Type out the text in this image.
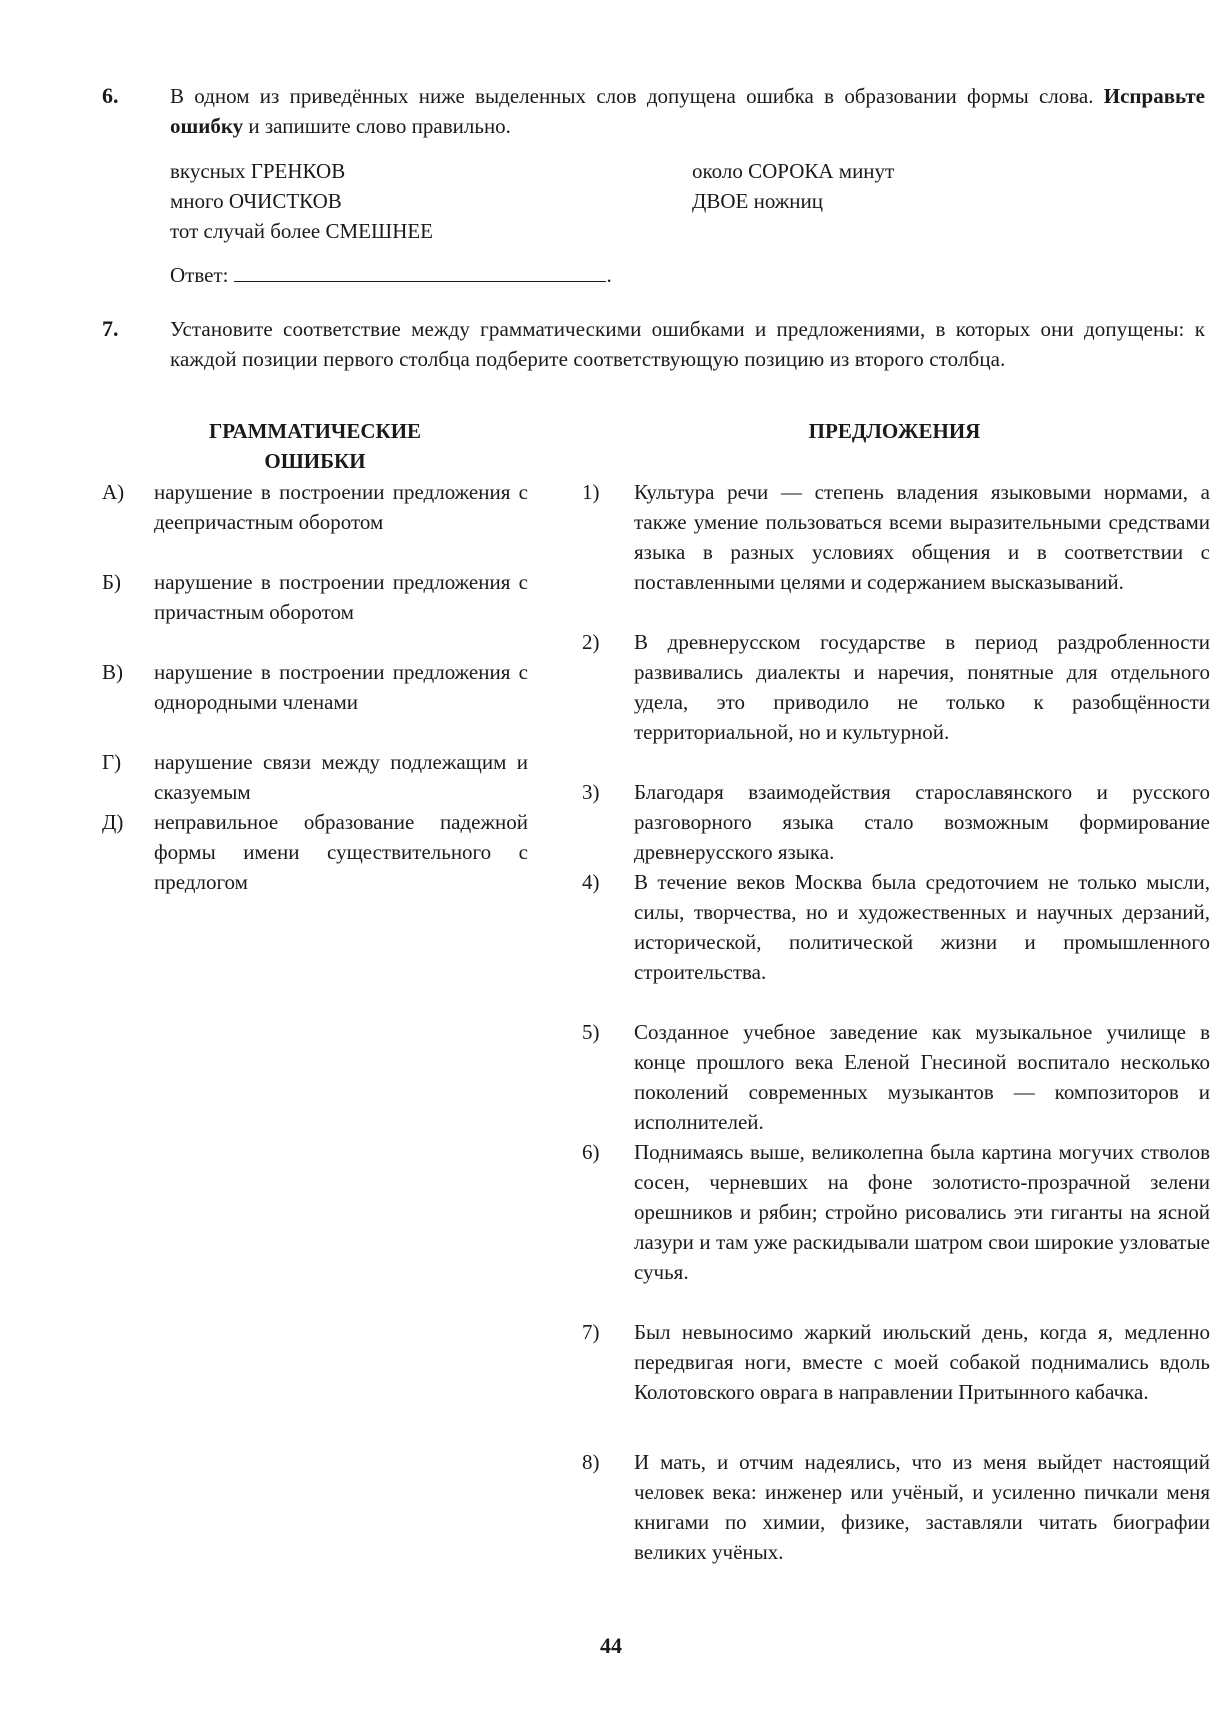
6. В одном из приведённых ниже выделенных слов допущена ошибка в образовании формы слова. Исправьте ошибку и запишите слово правильно.
вкусных ГРЕНКОВ
много ОЧИСТКОВ
тот случай более СМЕШНЕЕ
около СОРОКА минут
ДВОЕ ножниц
Ответ:	.
7. Установите соответствие между грамматическими ошибками и предложениями, в которых они допущены: к каждой позиции первого столбца подберите соответствующую позицию из второго столбца.
ГРАММАТИЧЕСКИЕ ОШИБКИ
ПРЕДЛОЖЕНИЯ
А) нарушение в построении предложения с деепричастным оборотом
Б) нарушение в построении предложения с причастным оборотом
В) нарушение в построении предложения с однородными членами
Г) нарушение связи между подлежащим и сказуемым
Д) неправильное образование падежной формы имени существительного с предлогом
1) Культура речи — степень владения языковыми нормами, а также умение пользоваться всеми выразительными средствами языка в разных условиях общения и в соответствии с поставленными целями и содержанием высказываний.
2) В древнерусском государстве в период раздробленности развивались диалекты и наречия, понятные для отдельного удела, это приводило не только к разобщённости территориальной, но и культурной.
3) Благодаря взаимодействия старославянского и русского разговорного языка стало возможным формирование древнерусского языка.
4) В течение веков Москва была средоточием не только мысли, силы, творчества, но и художественных и научных дерзаний, исторической, политической жизни и промышленного строительства.
5) Созданное учебное заведение как музыкальное училище в конце прошлого века Еленой Гнесиной воспитало несколько поколений современных музыкантов — композиторов и исполнителей.
6) Поднимаясь выше, великолепна была картина могучих стволов сосен, черневших на фоне золотисто-прозрачной зелени орешников и рябин; стройно рисовались эти гиганты на ясной лазури и там уже раскидывали шатром свои широкие узловатые сучья.
7) Был невыносимо жаркий июльский день, когда я, медленно передвигая ноги, вместе с моей собакой поднимались вдоль Колотовского оврага в направлении Притынного кабачка.
8) И мать, и отчим надеялись, что из меня выйдет настоящий человек века: инженер или учёный, и усиленно пичкали меня книгами по химии, физике, заставляли читать биографии великих учёных.
44
